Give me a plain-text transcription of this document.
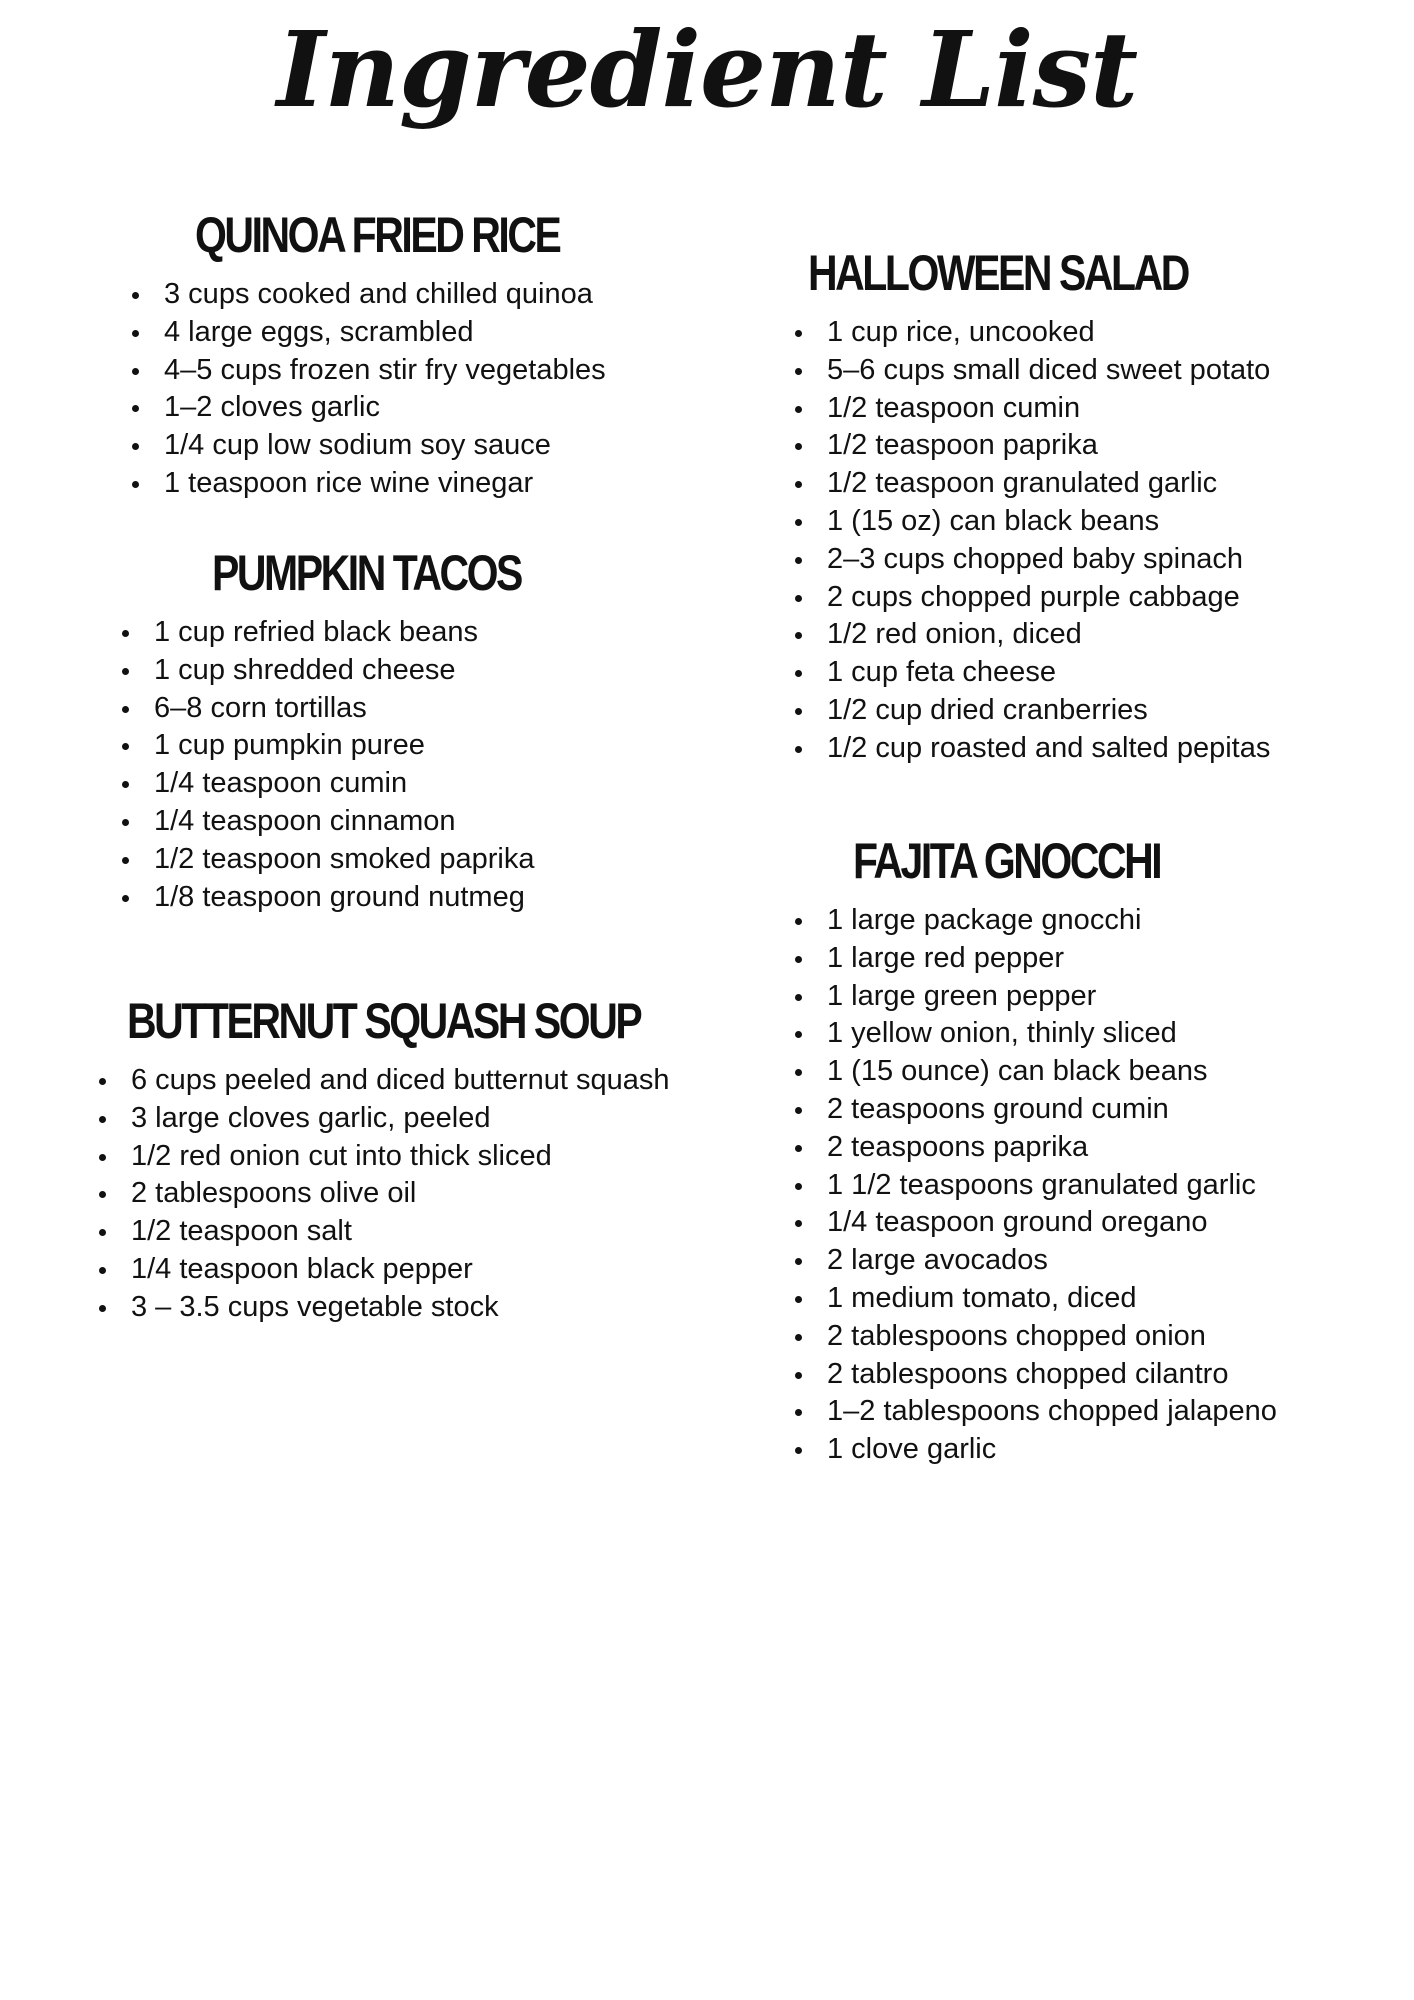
Ingredient List
QUINOA FRIED RICE
3 cups cooked and chilled quinoa
4 large eggs, scrambled
4–5 cups frozen stir fry vegetables
1–2 cloves garlic
1/4 cup low sodium soy sauce
1 teaspoon rice wine vinegar
PUMPKIN TACOS
1 cup refried black beans
1 cup shredded cheese
6–8 corn tortillas
1 cup pumpkin puree
1/4 teaspoon cumin
1/4 teaspoon cinnamon
1/2 teaspoon smoked paprika
1/8 teaspoon ground nutmeg
BUTTERNUT SQUASH SOUP
6 cups peeled and diced butternut squash
3 large cloves garlic, peeled
1/2 red onion cut into thick sliced
2 tablespoons olive oil
1/2 teaspoon salt
1/4 teaspoon black pepper
3 – 3.5 cups vegetable stock
HALLOWEEN SALAD
1 cup rice, uncooked
5–6 cups small diced sweet potato
1/2 teaspoon cumin
1/2 teaspoon paprika
1/2 teaspoon granulated garlic
1 (15 oz) can black beans
2–3 cups chopped baby spinach
2 cups chopped purple cabbage
1/2 red onion, diced
1 cup feta cheese
1/2 cup dried cranberries
1/2 cup roasted and salted pepitas
FAJITA GNOCCHI
1 large package gnocchi
1 large red pepper
1 large green pepper
1 yellow onion, thinly sliced
1 (15 ounce) can black beans
2 teaspoons ground cumin
2 teaspoons paprika
1 1/2 teaspoons granulated garlic
1/4 teaspoon ground oregano
2 large avocados
1 medium tomato, diced
2 tablespoons chopped onion
2 tablespoons chopped cilantro
1–2 tablespoons chopped jalapeno
1 clove garlic
